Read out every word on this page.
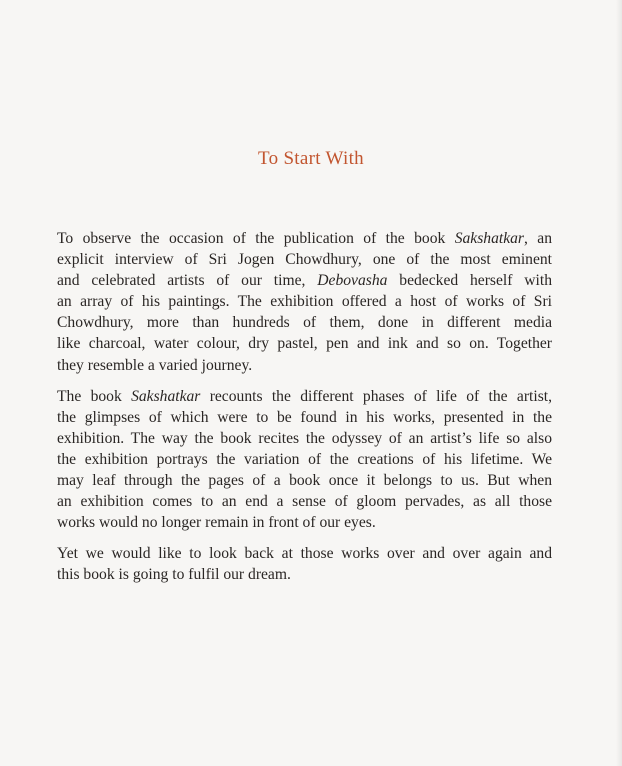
To Start With

To observe the occasion of the publication of the book Sakshatkar, an
explicit interview of Sri Jogen Chowdhury, one of the most eminent
and celebrated artists of our time, Debovasha bedecked herself with
an array of his paintings. The exhibition offered a host of works of Sri
Chowdhury, more than hundreds of them, done in different media
like charcoal, water colour, dry pastel, pen and ink and so on. Together
they resemble a varied journey.

The book Sakshatkar recounts the different phases of life of the artist,
the glimpses of which were to be found in his works, presented in the
exhibition. The way the book recites the odyssey of an artist’s life so also
the exhibition portrays the variation of the creations of his lifetime. We
may leaf through the pages of a book once it belongs to us. But when
an exhibition comes to an end a sense of gloom pervades, as all those
works would no longer remain in front of our eyes.

Yet we would like to look back at those works over and over again and
this book is going to fulfil our dream.
